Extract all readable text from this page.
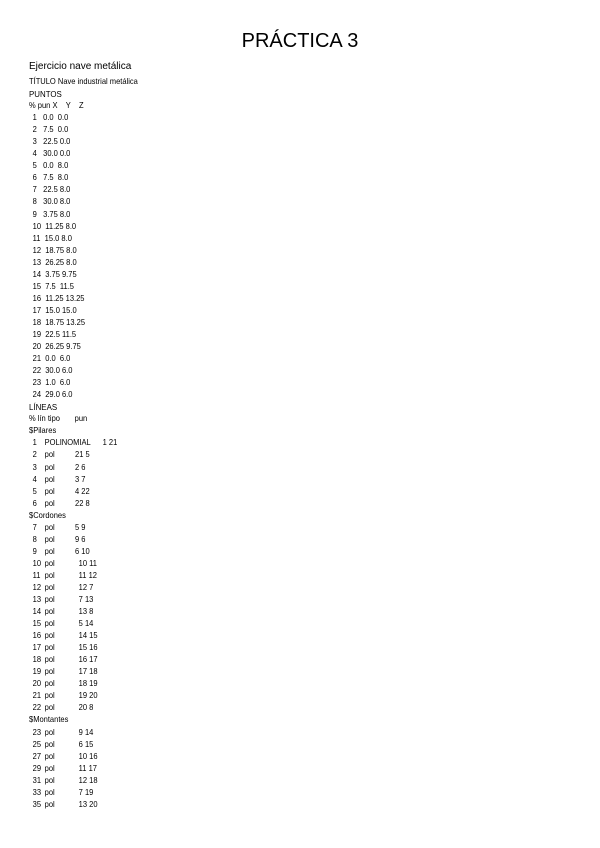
PRÁCTICA 3
Ejercicio nave metálica
TÍTULO Nave industrial metálica
PUNTOS
% pun X    Y    Z
1   0.0  0.0
2   7.5  0.0
3   22.5 0.0
4   30.0 0.0
5   0.0  8.0
6   7.5  8.0
7   22.5 8.0
8   30.0 8.0
9   3.75 8.0
10  11.25 8.0
11  15.0 8.0
12  18.75 8.0
13  26.25 8.0
14  3.75 9.75
15  7.5  11.5
16  11.25 13.25
17  15.0 15.0
18  18.75 13.25
19  22.5 11.5
20  26.25 9.75
21  0.0  6.0
22  30.0 6.0
23  1.0  6.0
24  29.0 6.0
LÍNEAS
% lín tipo       pun
$Pilares
1 POLINOMIAL 1 21
2 pol 21 5
3 pol 2 6
4 pol 3 7
5 pol 4 22
6 pol 22 8
$Cordones
7 pol 5 9
8 pol 9 6
9 pol 6 10
10 pol	10 11
11 pol	11 12
12 pol	12 7
13 pol	7 13
14 pol	13 8
15 pol	5 14
16 pol	14 15
17 pol	15 16
18 pol	16 17
19 pol	17 18
20 pol	18 19
21 pol	19 20
22 pol	20 8
$Montantes
23 pol	9 14
25 pol	6 15
27 pol	10 16
29 pol	11 17
31 pol	12 18
33 pol	7 19
35 pol	13 20
